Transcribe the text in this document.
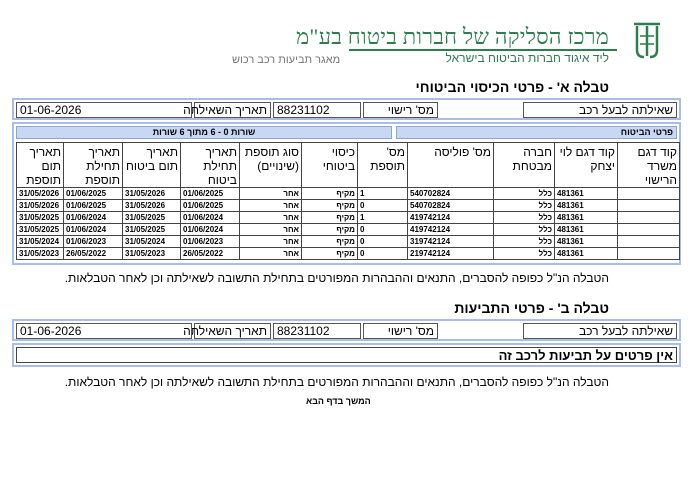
מרכז הסליקה של חברות ביטוח בע"מ
ליד איגוד חברות הביטוח בישראל
מאגר תביעות רכב רכוש
טבלה א' - פרטי הכיסוי הביטוחי
שאילתה לבעל רכב
מס' רישוי
88231102
תאריך השאילתה
01-06-2026
פרטי הביטוח
שורות 0 - 6 מתוך 6 שורות
קוד דגם משרד הרישוי	קוד דגם לוי יצחק	חברה מבטחת	מס' פוליסה	מס' תוספת	כיסוי ביטוחי	סוג תוספת (שינויים)	תאריך תחילת ביטוח	תאריך תום ביטוח	תאריך תחילת תוספת	תאריך תום תוספת
	481361	כלל	540702824	1	מקיף	אחר	01/06/2025	31/05/2026	01/06/2025	31/05/2026
	481361	כלל	540702824	0	מקיף	אחר	01/06/2025	31/05/2026	01/06/2025	31/05/2026
	481361	כלל	419742124	1	מקיף	אחר	01/06/2024	31/05/2025	01/06/2024	31/05/2025
	481361	כלל	419742124	0	מקיף	אחר	01/06/2024	31/05/2025	01/06/2024	31/05/2025
	481361	כלל	319742124	0	מקיף	אחר	01/06/2023	31/05/2024	01/06/2023	31/05/2024
	481361	כלל	219742124	0	מקיף	אחר	26/05/2022	31/05/2023	26/05/2022	31/05/2023
הטבלה הנ"ל כפופה להסברים, התנאים וההבהרות המפורטים בתחילת התשובה לשאילתה וכן לאחר הטבלאות.
טבלה ב' - פרטי התביעות
שאילתה לבעל רכב
מס' רישוי
88231102
תאריך השאילתה
01-06-2026
אין פרטים על תביעות לרכב זה
הטבלה הנ"ל כפופה להסברים, התנאים וההבהרות המפורטים בתחילת התשובה לשאילתה וכן לאחר הטבלאות.
המשך בדף הבא
